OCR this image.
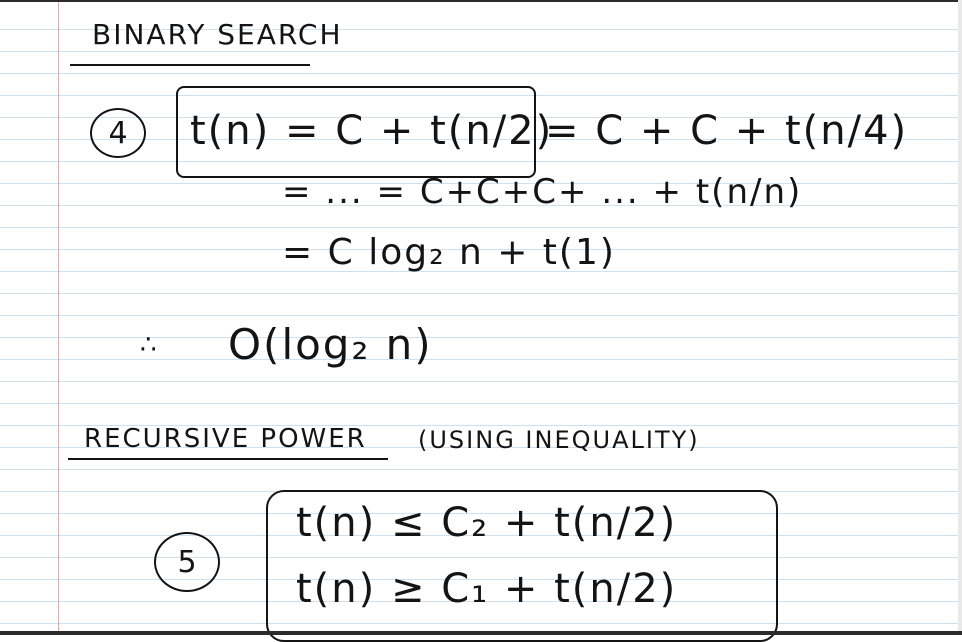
BINARY SEARCH
4 t(n) = C + t(n/2)
= C + C + t(n/4)
= ... = C+C+C+ ... + t(n/n)
= C log₂ n + t(1)
∴ O(log₂ n)
RECURSIVE POWER (USING INEQUALITY)
5
t(n) ≤ C₂ + t(n/2)
t(n) ≥ C₁ + t(n/2)
